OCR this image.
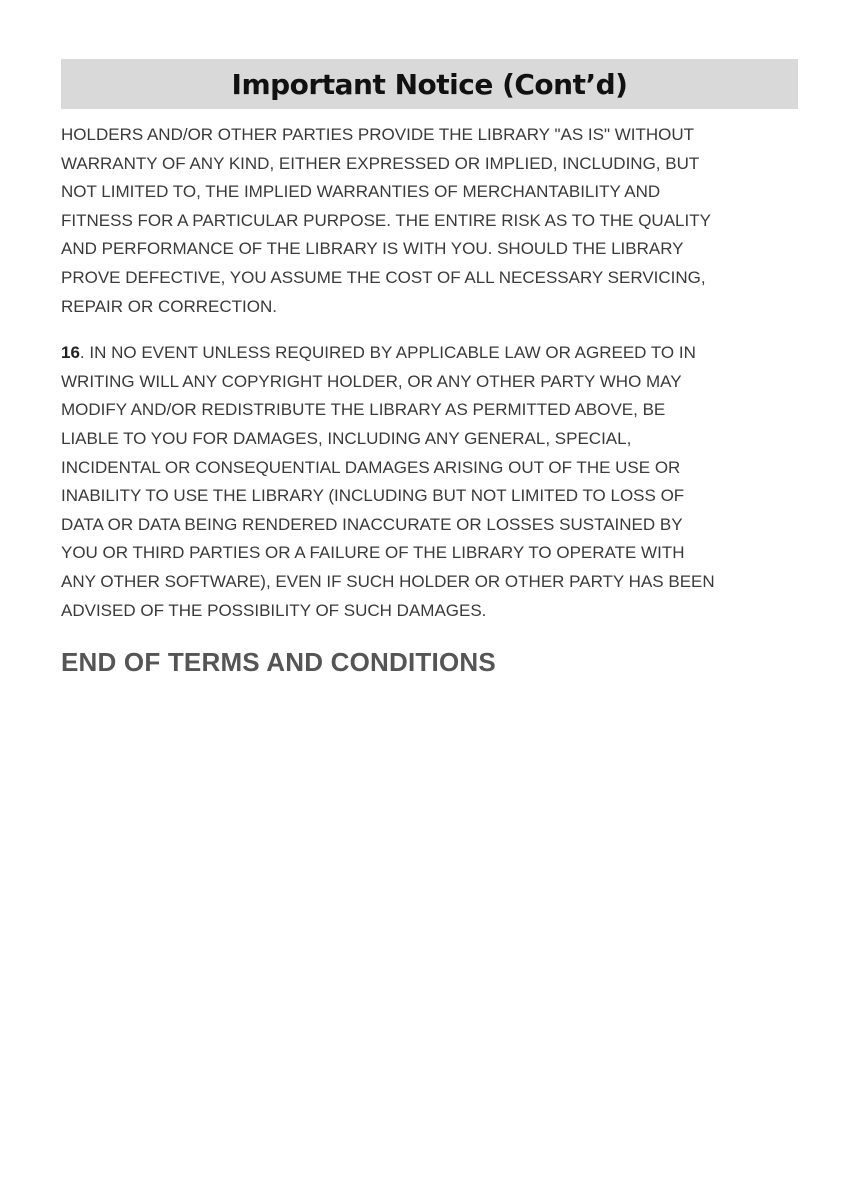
Important Notice (Cont’d)

HOLDERS AND/OR OTHER PARTIES PROVIDE THE LIBRARY "AS IS" WITHOUT
WARRANTY OF ANY KIND, EITHER EXPRESSED OR IMPLIED, INCLUDING, BUT
NOT LIMITED TO, THE IMPLIED WARRANTIES OF MERCHANTABILITY AND
FITNESS FOR A PARTICULAR PURPOSE. THE ENTIRE RISK AS TO THE QUALITY
AND PERFORMANCE OF THE LIBRARY IS WITH YOU. SHOULD THE LIBRARY
PROVE DEFECTIVE, YOU ASSUME THE COST OF ALL NECESSARY SERVICING,
REPAIR OR CORRECTION.

16. IN NO EVENT UNLESS REQUIRED BY APPLICABLE LAW OR AGREED TO IN
WRITING WILL ANY COPYRIGHT HOLDER, OR ANY OTHER PARTY WHO MAY
MODIFY AND/OR REDISTRIBUTE THE LIBRARY AS PERMITTED ABOVE, BE
LIABLE TO YOU FOR DAMAGES, INCLUDING ANY GENERAL, SPECIAL,
INCIDENTAL OR CONSEQUENTIAL DAMAGES ARISING OUT OF THE USE OR
INABILITY TO USE THE LIBRARY (INCLUDING BUT NOT LIMITED TO LOSS OF
DATA OR DATA BEING RENDERED INACCURATE OR LOSSES SUSTAINED BY
YOU OR THIRD PARTIES OR A FAILURE OF THE LIBRARY TO OPERATE WITH
ANY OTHER SOFTWARE), EVEN IF SUCH HOLDER OR OTHER PARTY HAS BEEN
ADVISED OF THE POSSIBILITY OF SUCH DAMAGES.

END OF TERMS AND CONDITIONS
